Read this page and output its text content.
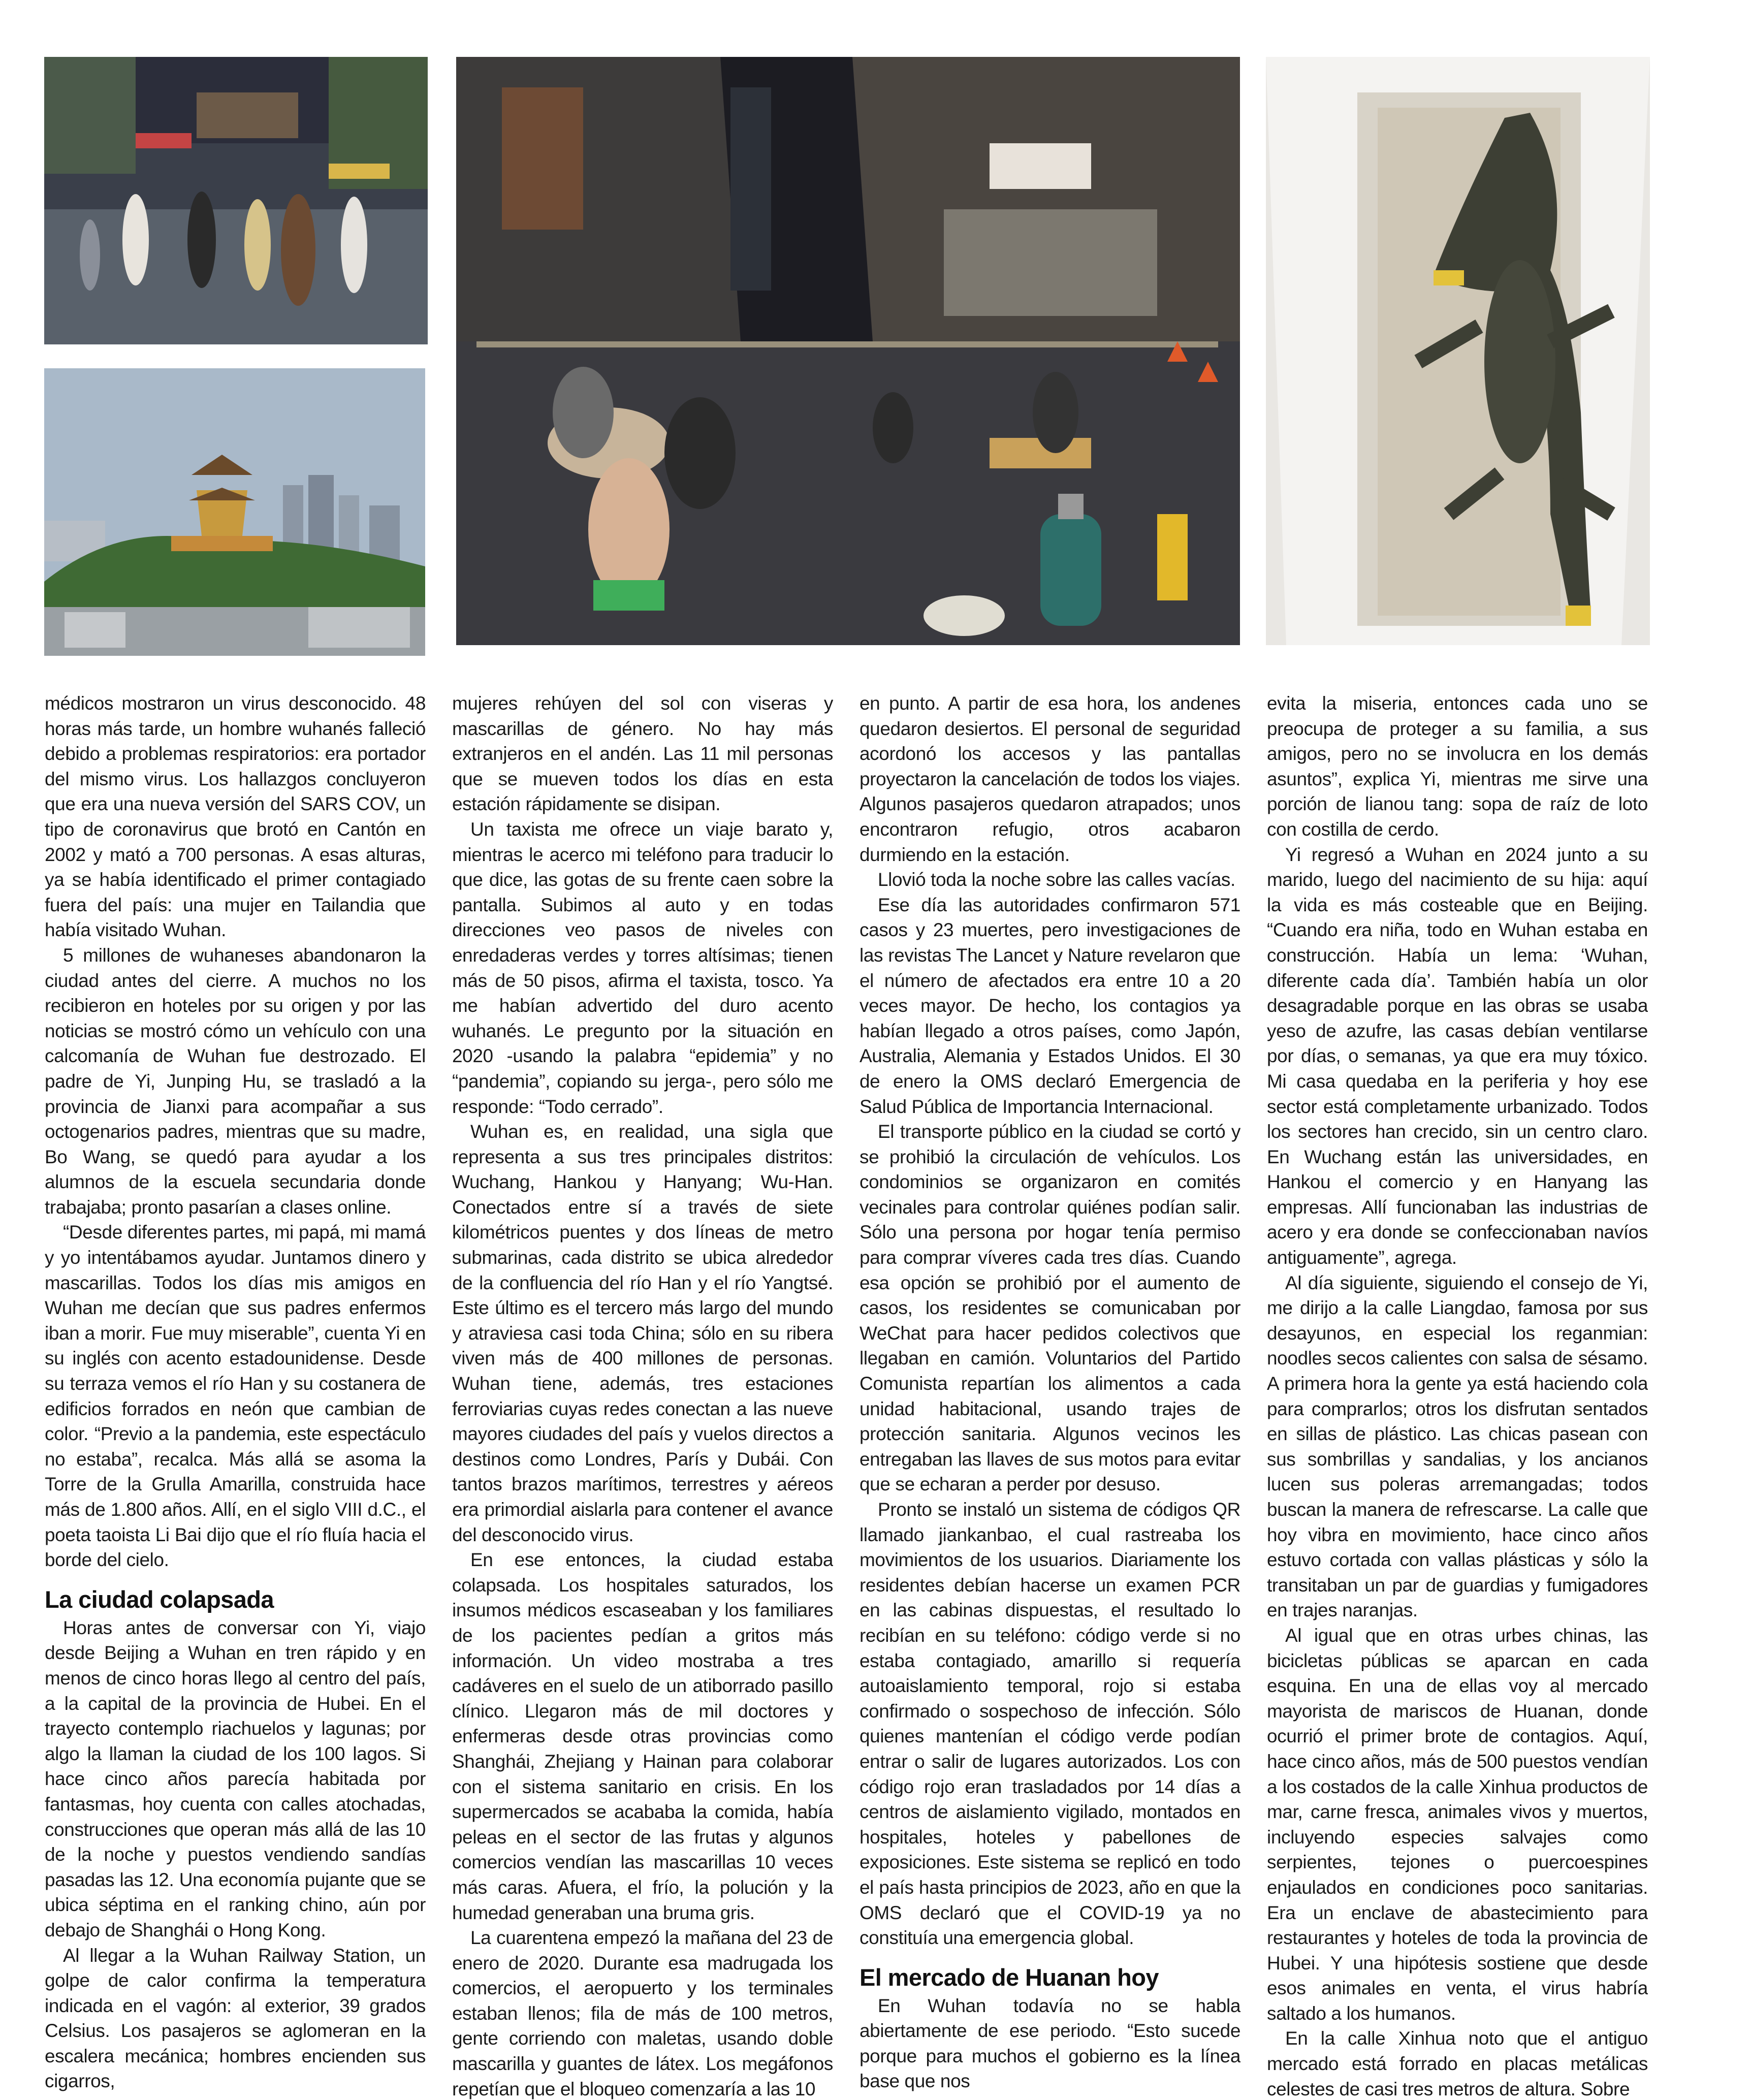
médicos mostraron un virus desconocido. 48 horas más tarde, un hombre wuhanés falleció debido a problemas respiratorios: era portador del mismo virus. Los hallazgos concluyeron que era una nueva versión del SARS COV, un tipo de coronavirus que brotó en Cantón en 2002 y mató a 700 personas. A esas alturas, ya se había identificado el primer contagiado fuera del país: una mujer en Tailandia que había visitado Wuhan.

5 millones de wuhaneses abandonaron la ciudad antes del cierre. A muchos no los recibieron en hoteles por su origen y por las noticias se mostró cómo un vehículo con una calcomanía de Wuhan fue destrozado. El padre de Yi, Junping Hu, se trasladó a la provincia de Jianxi para acompañar a sus octogenarios padres, mientras que su madre, Bo Wang, se quedó para ayudar a los alumnos de la escuela secundaria donde trabajaba; pronto pasarían a clases online.

“Desde diferentes partes, mi papá, mi mamá y yo intentábamos ayudar. Juntamos dinero y mascarillas. Todos los días mis amigos en Wuhan me decían que sus padres enfermos iban a morir. Fue muy miserable”, cuenta Yi en su inglés con acento estadounidense. Desde su terraza vemos el río Han y su costanera de edificios forrados en neón que cambian de color. “Previo a la pandemia, este espectáculo no estaba”, recalca. Más allá se asoma la Torre de la Grulla Amarilla, construida hace más de 1.800 años. Allí, en el siglo VIII d.C., el poeta taoista Li Bai dijo que el río fluía hacia el borde del cielo.

La ciudad colapsada

Horas antes de conversar con Yi, viajo desde Beijing a Wuhan en tren rápido y en menos de cinco horas llego al centro del país, a la capital de la provincia de Hubei. En el trayecto contemplo riachuelos y lagunas; por algo la llaman la ciudad de los 100 lagos. Si hace cinco años parecía habitada por fantasmas, hoy cuenta con calles atochadas, construcciones que operan más allá de las 10 de la noche y puestos vendiendo sandías pasadas las 12. Una economía pujante que se ubica séptima en el ranking chino, aún por debajo de Shanghái o Hong Kong.

Al llegar a la Wuhan Railway Station, un golpe de calor confirma la temperatura indicada en el vagón: al exterior, 39 grados Celsius. Los pasajeros se aglomeran en la escalera mecánica; hombres encienden sus cigarros,

mujeres rehúyen del sol con viseras y mascarillas de género. No hay más extranjeros en el andén. Las 11 mil personas que se mueven todos los días en esta estación rápidamente se disipan.

Un taxista me ofrece un viaje barato y, mientras le acerco mi teléfono para traducir lo que dice, las gotas de su frente caen sobre la pantalla. Subimos al auto y en todas direcciones veo pasos de niveles con enredaderas verdes y torres altísimas; tienen más de 50 pisos, afirma el taxista, tosco. Ya me habían advertido del duro acento wuhanés. Le pregunto por la situación en 2020 -usando la palabra “epidemia” y no “pandemia”, copiando su jerga-, pero sólo me responde: “Todo cerrado”.

Wuhan es, en realidad, una sigla que representa a sus tres principales distritos: Wuchang, Hankou y Hanyang; Wu-Han. Conectados entre sí a través de siete kilométricos puentes y dos líneas de metro submarinas, cada distrito se ubica alrededor de la confluencia del río Han y el río Yangtsé. Este último es el tercero más largo del mundo y atraviesa casi toda China; sólo en su ribera viven más de 400 millones de personas. Wuhan tiene, además, tres estaciones ferroviarias cuyas redes conectan a las nueve mayores ciudades del país y vuelos directos a destinos como Londres, París y Dubái. Con tantos brazos marítimos, terrestres y aéreos era primordial aislarla para contener el avance del desconocido virus.

En ese entonces, la ciudad estaba colapsada. Los hospitales saturados, los insumos médicos escaseaban y los familiares de los pacientes pedían a gritos más información. Un video mostraba a tres cadáveres en el suelo de un atiborrado pasillo clínico. Llegaron más de mil doctores y enfermeras desde otras provincias como Shanghái, Zhejiang y Hainan para colaborar con el sistema sanitario en crisis. En los supermercados se acababa la comida, había peleas en el sector de las frutas y algunos comercios vendían las mascarillas 10 veces más caras. Afuera, el frío, la polución y la humedad generaban una bruma gris.

La cuarentena empezó la mañana del 23 de enero de 2020. Durante esa madrugada los comercios, el aeropuerto y los terminales estaban llenos; fila de más de 100 metros, gente corriendo con maletas, usando doble mascarilla y guantes de látex. Los megáfonos repetían que el bloqueo comenzaría a las 10

en punto. A partir de esa hora, los andenes quedaron desiertos. El personal de seguridad acordonó los accesos y las pantallas proyectaron la cancelación de todos los viajes. Algunos pasajeros quedaron atrapados; unos encontraron refugio, otros acabaron durmiendo en la estación.

Llovió toda la noche sobre las calles vacías.

Ese día las autoridades confirmaron 571 casos y 23 muertes, pero investigaciones de las revistas The Lancet y Nature revelaron que el número de afectados era entre 10 a 20 veces mayor. De hecho, los contagios ya habían llegado a otros países, como Japón, Australia, Alemania y Estados Unidos. El 30 de enero la OMS declaró Emergencia de Salud Pública de Importancia Internacional.

El transporte público en la ciudad se cortó y se prohibió la circulación de vehículos. Los condominios se organizaron en comités vecinales para controlar quiénes podían salir. Sólo una persona por hogar tenía permiso para comprar víveres cada tres días. Cuando esa opción se prohibió por el aumento de casos, los residentes se comunicaban por WeChat para hacer pedidos colectivos que llegaban en camión. Voluntarios del Partido Comunista repartían los alimentos a cada unidad habitacional, usando trajes de protección sanitaria. Algunos vecinos les entregaban las llaves de sus motos para evitar que se echaran a perder por desuso.

Pronto se instaló un sistema de códigos QR llamado jiankanbao, el cual rastreaba los movimientos de los usuarios. Diariamente los residentes debían hacerse un examen PCR en las cabinas dispuestas, el resultado lo recibían en su teléfono: código verde si no estaba contagiado, amarillo si requería autoaislamiento temporal, rojo si estaba confirmado o sospechoso de infección. Sólo quienes mantenían el código verde podían entrar o salir de lugares autorizados. Los con código rojo eran trasladados por 14 días a centros de aislamiento vigilado, montados en hospitales, hoteles y pabellones de exposiciones. Este sistema se replicó en todo el país hasta principios de 2023, año en que la OMS declaró que el COVID-19 ya no constituía una emergencia global.

El mercado de Huanan hoy

En Wuhan todavía no se habla abiertamente de ese periodo. “Esto sucede porque para muchos el gobierno es la línea base que nos

evita la miseria, entonces cada uno se preocupa de proteger a su familia, a sus amigos, pero no se involucra en los demás asuntos”, explica Yi, mientras me sirve una porción de lianou tang: sopa de raíz de loto con costilla de cerdo.

Yi regresó a Wuhan en 2024 junto a su marido, luego del nacimiento de su hija: aquí la vida es más costeable que en Beijing. “Cuando era niña, todo en Wuhan estaba en construcción. Había un lema: ‘Wuhan, diferente cada día’. También había un olor desagradable porque en las obras se usaba yeso de azufre, las casas debían ventilarse por días, o semanas, ya que era muy tóxico. Mi casa quedaba en la periferia y hoy ese sector está completamente urbanizado. Todos los sectores han crecido, sin un centro claro. En Wuchang están las universidades, en Hankou el comercio y en Hanyang las empresas. Allí funcionaban las industrias de acero y era donde se confeccionaban navíos antiguamente”, agrega.

Al día siguiente, siguiendo el consejo de Yi, me dirijo a la calle Liangdao, famosa por sus desayunos, en especial los reganmian: noodles secos calientes con salsa de sésamo. A primera hora la gente ya está haciendo cola para comprarlos; otros los disfrutan sentados en sillas de plástico. Las chicas pasean con sus sombrillas y sandalias, y los ancianos lucen sus poleras arremangadas; todos buscan la manera de refrescarse. La calle que hoy vibra en movimiento, hace cinco años estuvo cortada con vallas plásticas y sólo la transitaban un par de guardias y fumigadores en trajes naranjas.

Al igual que en otras urbes chinas, las bicicletas públicas se aparcan en cada esquina. En una de ellas voy al mercado mayorista de mariscos de Huanan, donde ocurrió el primer brote de contagios. Aquí, hace cinco años, más de 500 puestos vendían a los costados de la calle Xinhua productos de mar, carne fresca, animales vivos y muertos, incluyendo especies salvajes como serpientes, tejones o puercoespines enjaulados en condiciones poco sanitarias. Era un enclave de abastecimiento para restaurantes y hoteles de toda la provincia de Hubei. Y una hipótesis sostiene que desde esos animales en venta, el virus habría saltado a los humanos.

En la calle Xinhua noto que el antiguo mercado está forrado en placas metálicas celestes de casi tres metros de altura. Sobre
